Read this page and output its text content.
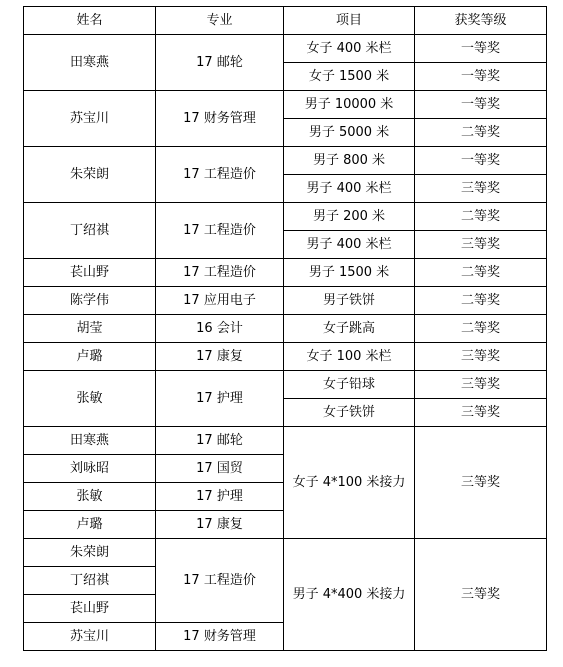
姓名	专业	项目	获奖等级
田寒燕	17 邮轮	女子 400 米栏	一等奖
		女子 1500 米	一等奖
苏宝川	17 财务管理	男子 10000 米	一等奖
		男子 5000 米	二等奖
朱荣朗	17 工程造价	男子 800 米	一等奖
		男子 400 米栏	三等奖
丁绍祺	17 工程造价	男子 200 米	二等奖
		男子 400 米栏	三等奖
苌山野	17 工程造价	男子 1500 米	二等奖
陈学伟	17 应用电子	男子铁饼	二等奖
胡莹	16 会计	女子跳高	二等奖
卢璐	17 康复	女子 100 米栏	三等奖
张敏	17 护理	女子铅球	三等奖
		女子铁饼	三等奖
田寒燕	17 邮轮	女子 4*100 米接力	三等奖
刘咏昭	17 国贸		
张敏	17 护理		
卢璐	17 康复		
朱荣朗	17 工程造价	男子 4*400 米接力	三等奖
丁绍祺			
苌山野			
苏宝川	17 财务管理		
